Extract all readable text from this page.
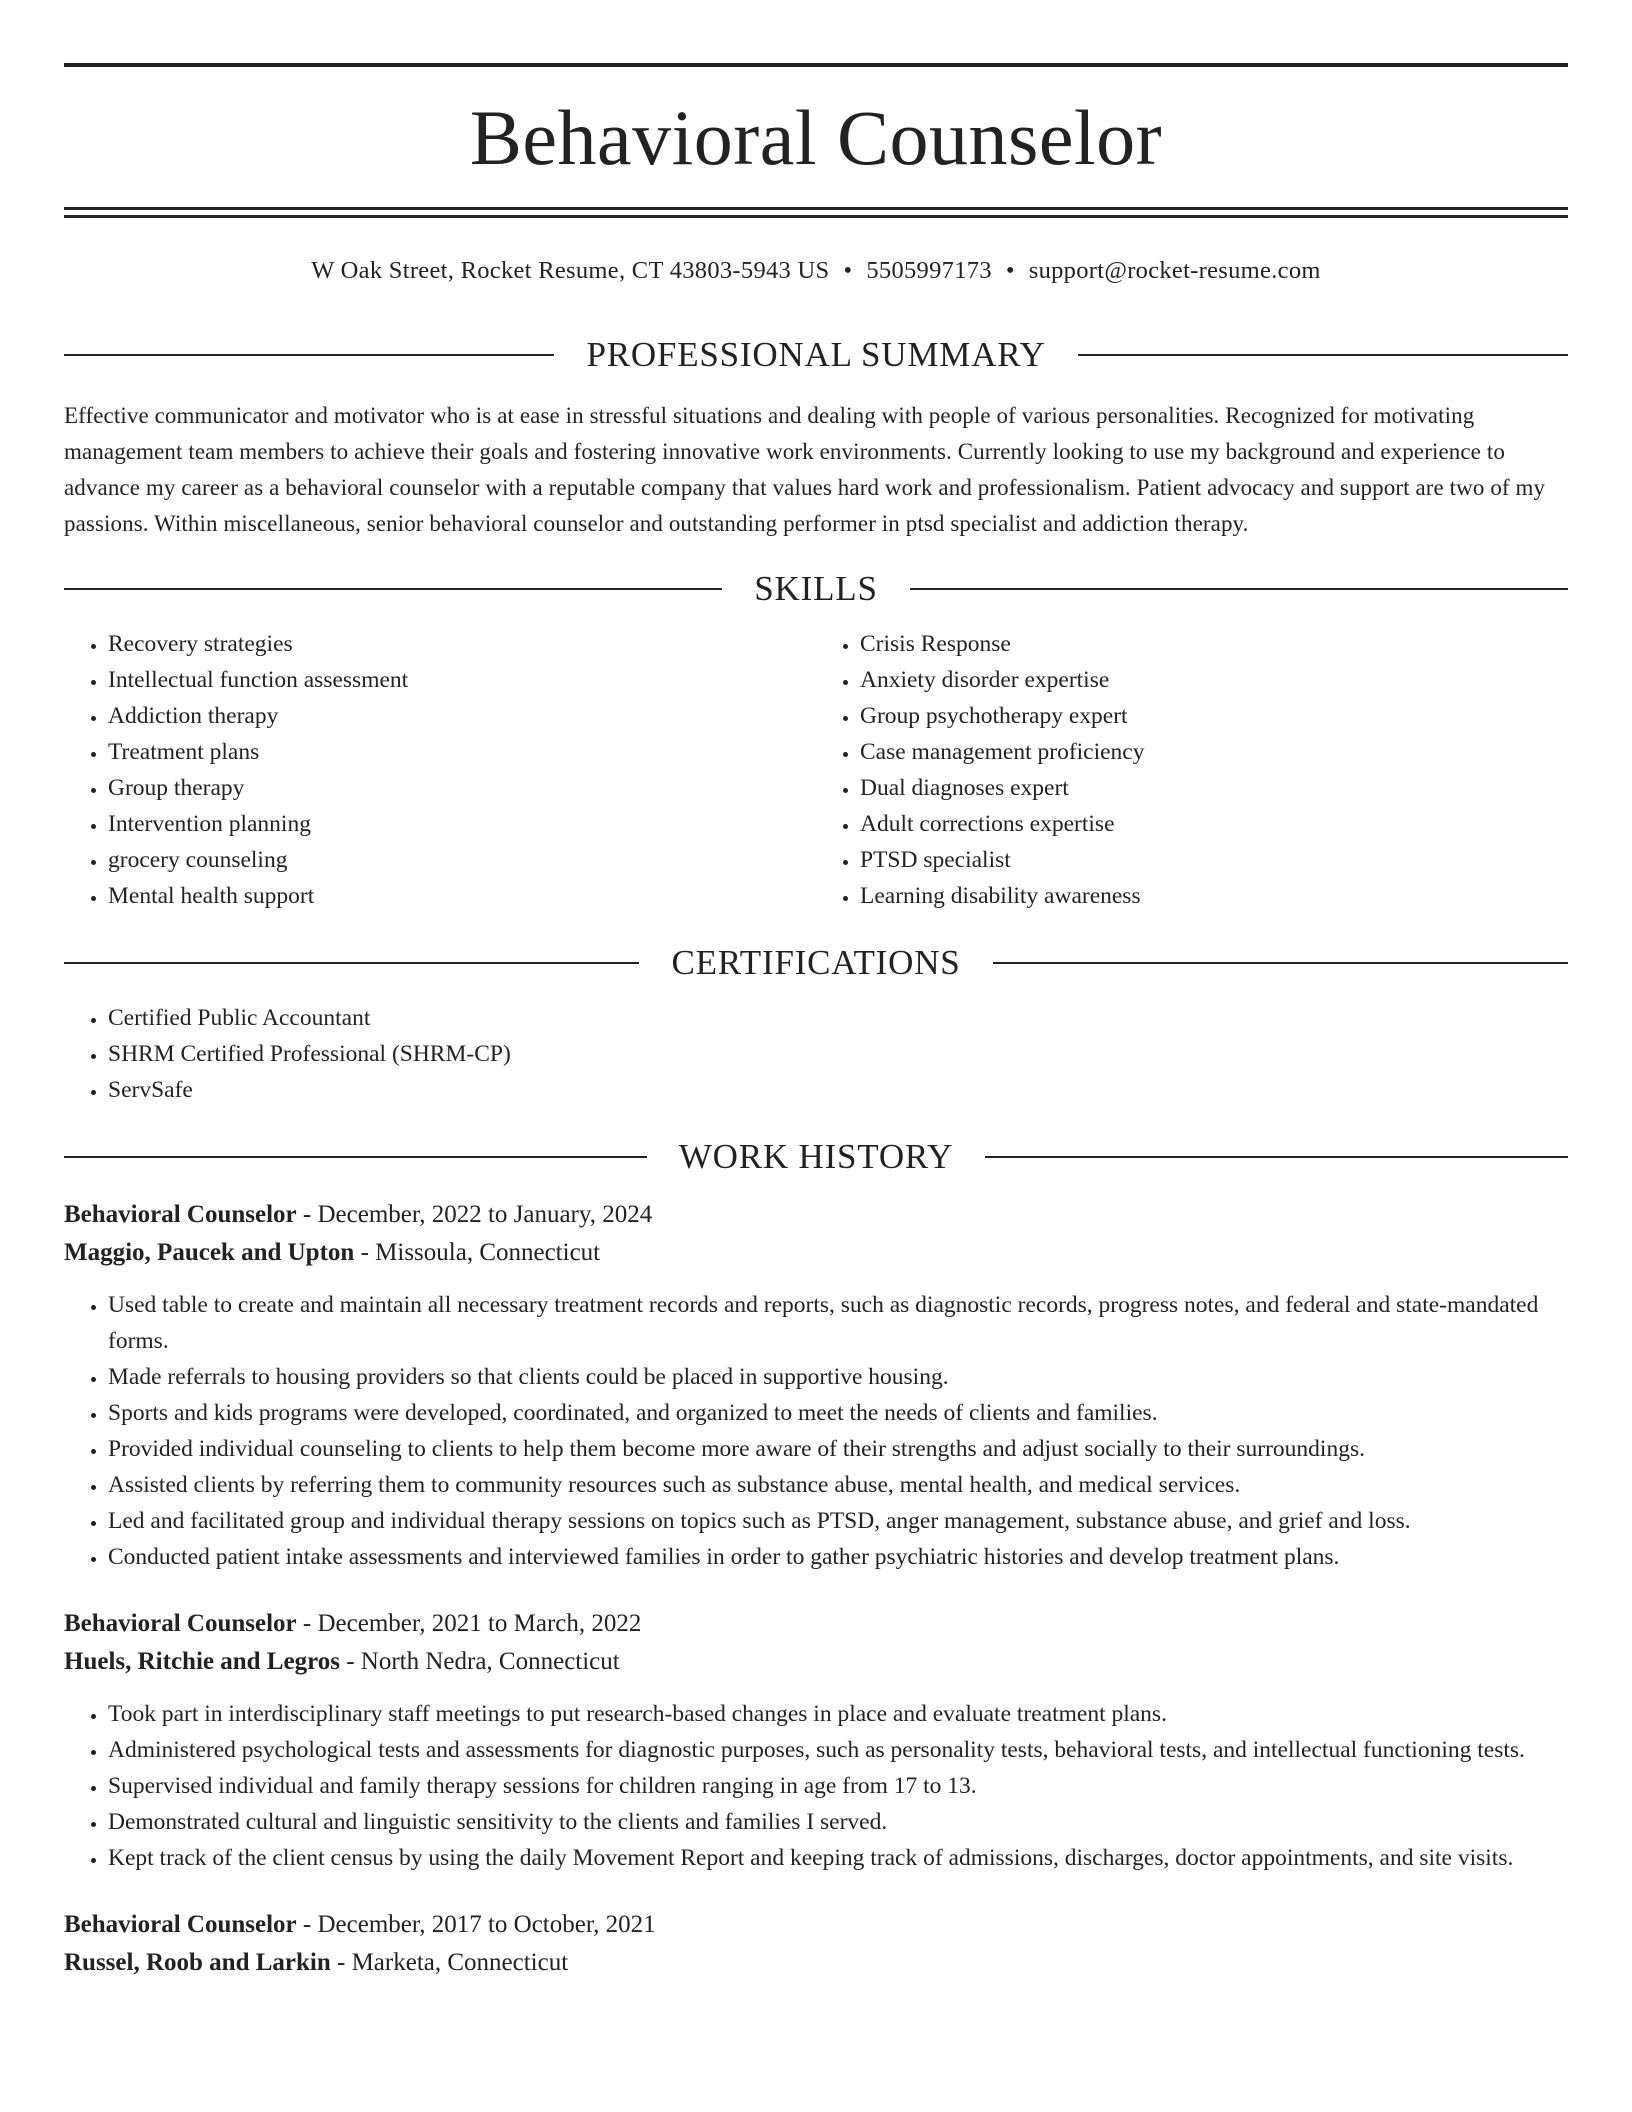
Behavioral Counselor
W Oak Street, Rocket Resume, CT 43803-5943 US • 5505997173 • support@rocket-resume.com
PROFESSIONAL SUMMARY

Effective communicator and motivator who is at ease in stressful situations and dealing with people of various personalities. Recognized for motivating management team members to achieve their goals and fostering innovative work environments. Currently looking to use my background and experience to advance my career as a behavioral counselor with a reputable company that values hard work and professionalism. Patient advocacy and support are two of my passions. Within miscellaneous, senior behavioral counselor and outstanding performer in ptsd specialist and addiction therapy.

SKILLS
• Recovery strategies
• Intellectual function assessment
• Addiction therapy
• Treatment plans
• Group therapy
• Intervention planning
• grocery counseling
• Mental health support
• Crisis Response
• Anxiety disorder expertise
• Group psychotherapy expert
• Case management proficiency
• Dual diagnoses expert
• Adult corrections expertise
• PTSD specialist
• Learning disability awareness
CERTIFICATIONS
• Certified Public Accountant
• SHRM Certified Professional (SHRM-CP)
• ServSafe
WORK HISTORY
Behavioral Counselor - December, 2022 to January, 2024
Maggio, Paucek and Upton - Missoula, Connecticut
• Used table to create and maintain all necessary treatment records and reports, such as diagnostic records, progress notes, and federal and state-mandated forms.
• Made referrals to housing providers so that clients could be placed in supportive housing.
• Sports and kids programs were developed, coordinated, and organized to meet the needs of clients and families.
• Provided individual counseling to clients to help them become more aware of their strengths and adjust socially to their surroundings.
• Assisted clients by referring them to community resources such as substance abuse, mental health, and medical services.
• Led and facilitated group and individual therapy sessions on topics such as PTSD, anger management, substance abuse, and grief and loss.
• Conducted patient intake assessments and interviewed families in order to gather psychiatric histories and develop treatment plans.
Behavioral Counselor - December, 2021 to March, 2022
Huels, Ritchie and Legros - North Nedra, Connecticut
• Took part in interdisciplinary staff meetings to put research-based changes in place and evaluate treatment plans.
• Administered psychological tests and assessments for diagnostic purposes, such as personality tests, behavioral tests, and intellectual functioning tests.
• Supervised individual and family therapy sessions for children ranging in age from 17 to 13.
• Demonstrated cultural and linguistic sensitivity to the clients and families I served.
• Kept track of the client census by using the daily Movement Report and keeping track of admissions, discharges, doctor appointments, and site visits.
Behavioral Counselor - December, 2017 to October, 2021
Russel, Roob and Larkin - Marketa, Connecticut
